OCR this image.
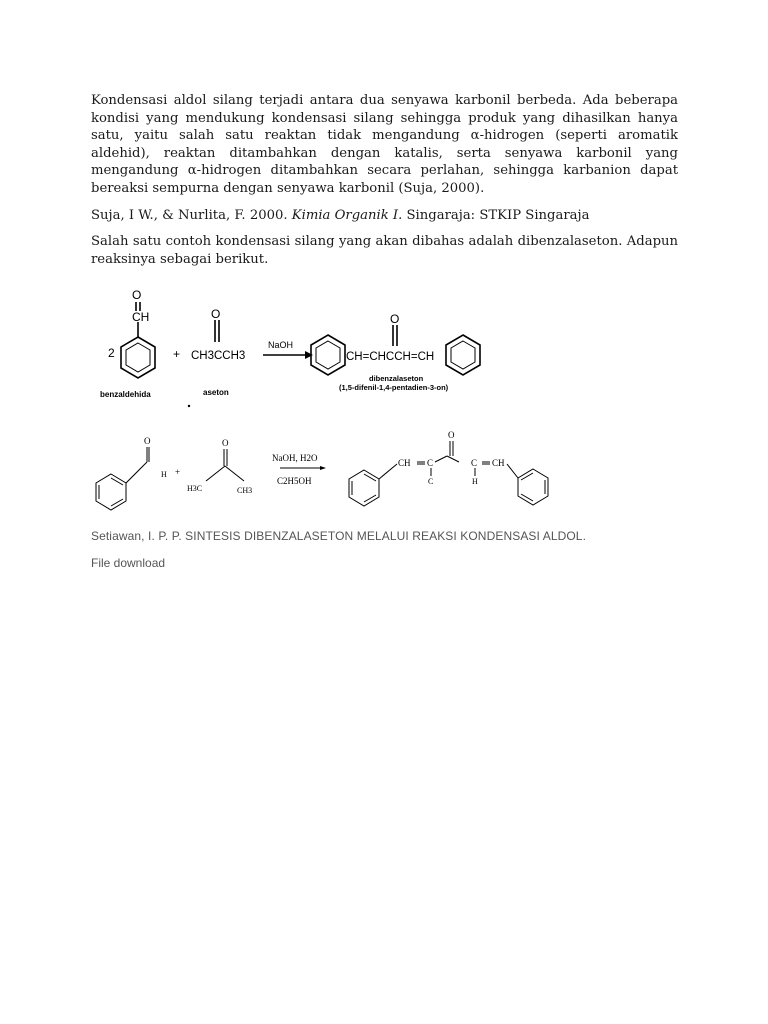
Kondensasi aldol silang terjadi antara dua senyawa karbonil berbeda. Ada beberapa kondisi yang mendukung kondensasi silang sehingga produk yang dihasilkan hanya satu, yaitu salah satu reaktan tidak mengandung α-hidrogen (seperti aromatik aldehid), reaktan ditambahkan dengan katalis, serta senyawa karbonil yang mengandung α-hidrogen ditambahkan secara perlahan, sehingga karbanion dapat bereaksi sempurna dengan senyawa karbonil (Suja, 2000).

Suja, I W., & Nurlita, F. 2000. Kimia Organik I. Singaraja: STKIP Singaraja

Salah satu contoh kondensasi silang yang akan dibahas adalah dibenzalaseton. Adapun reaksinya sebagai berikut.

2
O
CH
+
O
CH3CCH3
NaOH
benzaldehida	aseton
O
CH=CHCCH=CH
dibenzalaseton
(1,5-difenil-1,4-pentadien-3-on)
O
H +
O
H3C	CH3
NaOH, H2O
C2H5OH
O
CH C
C
C CH
H
Setiawan, I. P. P. SINTESIS DIBENZALASETON MELALUI REAKSI KONDENSASI ALDOL.
File download
